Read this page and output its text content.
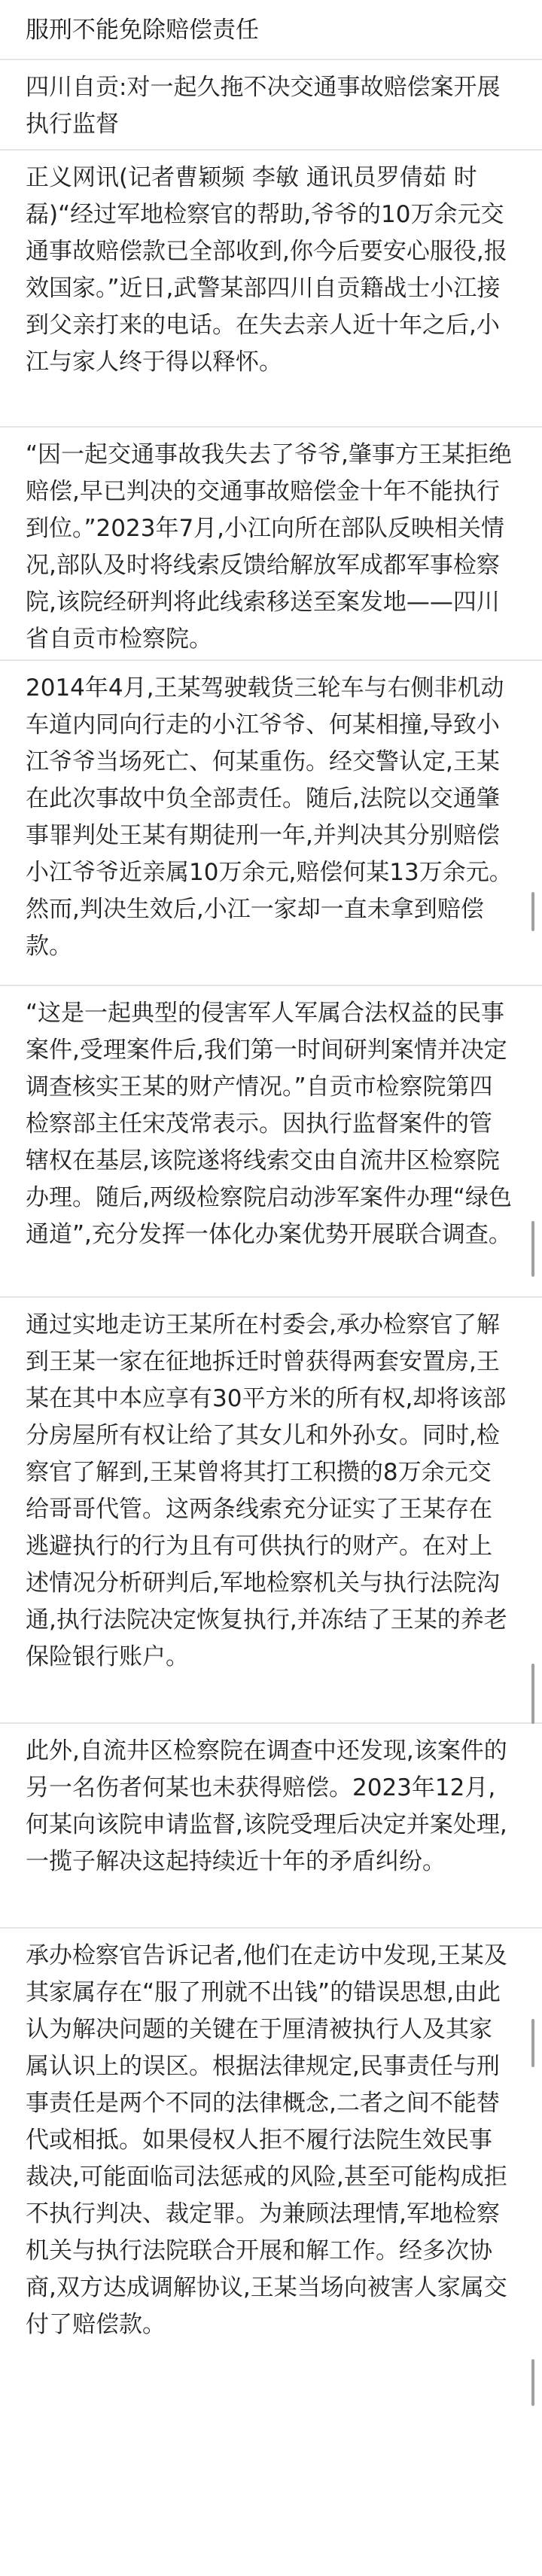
服刑不能免除赔偿责任

四川自贡:对一起久拖不决交通事故赔偿案开展执行监督

正义网讯(记者曹颖频 李敏 通讯员罗倩茹 时磊)“经过军地检察官的帮助,爷爷的10万余元交通事故赔偿款已全部收到,你今后要安心服役,报效国家。”近日,武警某部四川自贡籍战士小江接到父亲打来的电话。在失去亲人近十年之后,小江与家人终于得以释怀。

“因一起交通事故我失去了爷爷,肇事方王某拒绝赔偿,早已判决的交通事故赔偿金十年不能执行到位。”2023年7月,小江向所在部队反映相关情况,部队及时将线索反馈给解放军成都军事检察院,该院经研判将此线索移送至案发地——四川省自贡市检察院。

2014年4月,王某驾驶载货三轮车与右侧非机动车道内同向行走的小江爷爷、何某相撞,导致小江爷爷当场死亡、何某重伤。经交警认定,王某在此次事故中负全部责任。随后,法院以交通肇事罪判处王某有期徒刑一年,并判决其分别赔偿小江爷爷近亲属10万余元,赔偿何某13万余元。然而,判决生效后,小江一家却一直未拿到赔偿款。

“这是一起典型的侵害军人军属合法权益的民事案件,受理案件后,我们第一时间研判案情并决定调查核实王某的财产情况。”自贡市检察院第四检察部主任宋茂常表示。因执行监督案件的管辖权在基层,该院遂将线索交由自流井区检察院办理。随后,两级检察院启动涉军案件办理“绿色通道”,充分发挥一体化办案优势开展联合调查。

通过实地走访王某所在村委会,承办检察官了解到王某一家在征地拆迁时曾获得两套安置房,王某在其中本应享有30平方米的所有权,却将该部分房屋所有权让给了其女儿和外孙女。同时,检察官了解到,王某曾将其打工积攒的8万余元交给哥哥代管。这两条线索充分证实了王某存在逃避执行的行为且有可供执行的财产。在对上述情况分析研判后,军地检察机关与执行法院沟通,执行法院决定恢复执行,并冻结了王某的养老保险银行账户。

此外,自流井区检察院在调查中还发现,该案件的另一名伤者何某也未获得赔偿。2023年12月,何某向该院申请监督,该院受理后决定并案处理,一揽子解决这起持续近十年的矛盾纠纷。

承办检察官告诉记者,他们在走访中发现,王某及其家属存在“服了刑就不出钱”的错误思想,由此认为解决问题的关键在于厘清被执行人及其家属认识上的误区。根据法律规定,民事责任与刑事责任是两个不同的法律概念,二者之间不能替代或相抵。如果侵权人拒不履行法院生效民事裁决,可能面临司法惩戒的风险,甚至可能构成拒不执行判决、裁定罪。为兼顾法理情,军地检察机关与执行法院联合开展和解工作。经多次协商,双方达成调解协议,王某当场向被害人家属交付了赔偿款。
